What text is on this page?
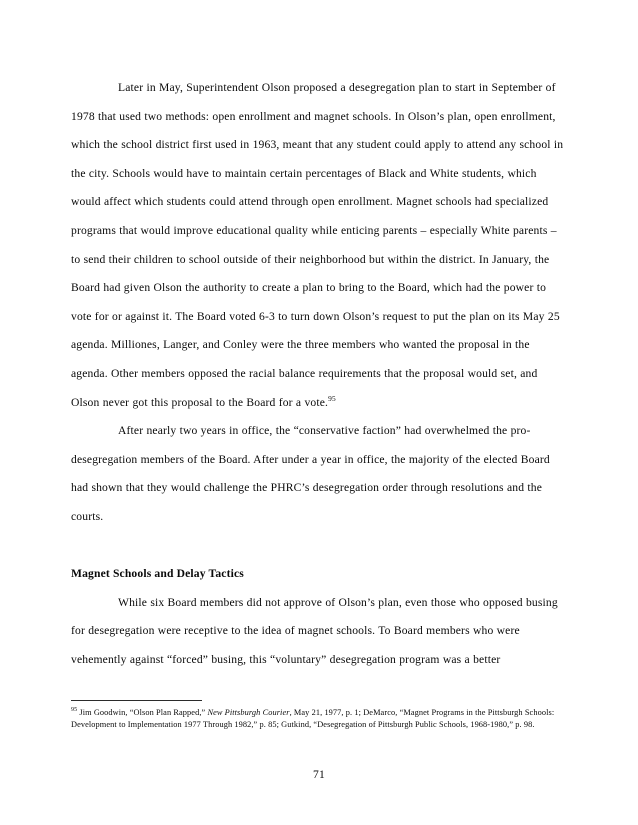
Later in May, Superintendent Olson proposed a desegregation plan to start in September of 1978 that used two methods: open enrollment and magnet schools. In Olson’s plan, open enrollment, which the school district first used in 1963, meant that any student could apply to attend any school in the city. Schools would have to maintain certain percentages of Black and White students, which would affect which students could attend through open enrollment. Magnet schools had specialized programs that would improve educational quality while enticing parents – especially White parents – to send their children to school outside of their neighborhood but within the district. In January, the Board had given Olson the authority to create a plan to bring to the Board, which had the power to vote for or against it. The Board voted 6-3 to turn down Olson’s request to put the plan on its May 25 agenda. Milliones, Langer, and Conley were the three members who wanted the proposal in the agenda. Other members opposed the racial balance requirements that the proposal would set, and Olson never got this proposal to the Board for a vote.$^{95}$

After nearly two years in office, the “conservative faction” had overwhelmed the pro-desegregation members of the Board. After under a year in office, the majority of the elected Board had shown that they would challenge the PHRC’s desegregation order through resolutions and the courts.

Magnet Schools and Delay Tactics

While six Board members did not approve of Olson’s plan, even those who opposed busing for desegregation were receptive to the idea of magnet schools. To Board members who were vehemently against “forced” busing, this “voluntary” desegregation program was a better

$^{95}$ Jim Goodwin, “Olson Plan Rapped,” New Pittsburgh Courier, May 21, 1977, p. 1; DeMarco, “Magnet Programs in the Pittsburgh Schools: Development to Implementation 1977 Through 1982,” p. 85; Gutkind, “Desegregation of Pittsburgh Public Schools, 1968-1980,” p. 98.

71
